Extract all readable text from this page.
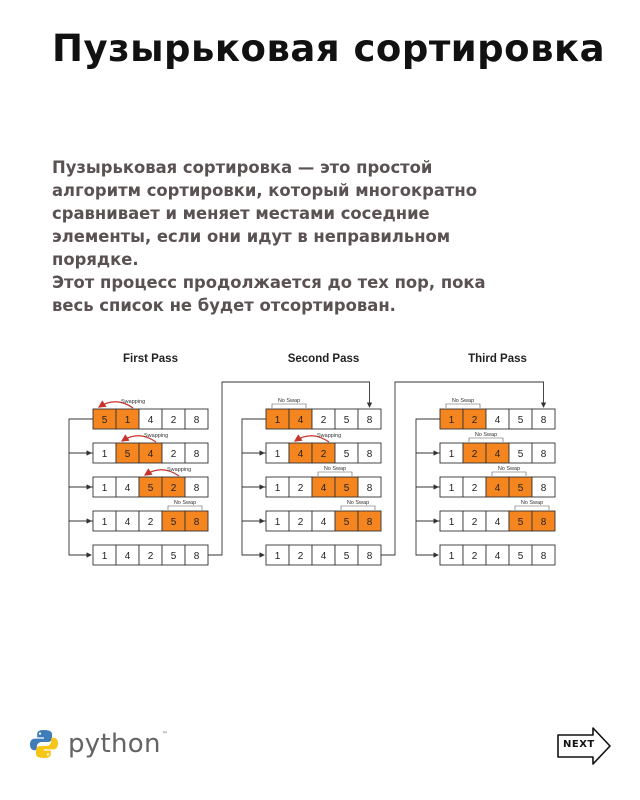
Пузырьковая сортировка
Пузырьковая сортировка — это простой
алгоритм сортировки, который многократно
сравнивает и меняет местами соседние
элементы, если они идут в неправильном
порядке.
Этот процесс продолжается до тех пор, пока
весь список не будет отсортирован.
First Pass
5 1 4 2 8
Swapping
1 5 4 2 8
Swapping
1 4 5 2 8
Swapping
1 4 2 5 8
No Swap
1 4 2 5 8
Second Pass
1 4 2 5 8
No Swap
1 4 2 5 8
Swapping
1 2 4 5 8
No Swap
1 2 4 5 8
No Swap
1 2 4 5 8
Third Pass
1 2 4 5 8
No Swap
1 2 4 5 8
No Swap
1 2 4 5 8
No Swap
1 2 4 5 8
No Swap
1 2 4 5 8
python ™
NEXT
